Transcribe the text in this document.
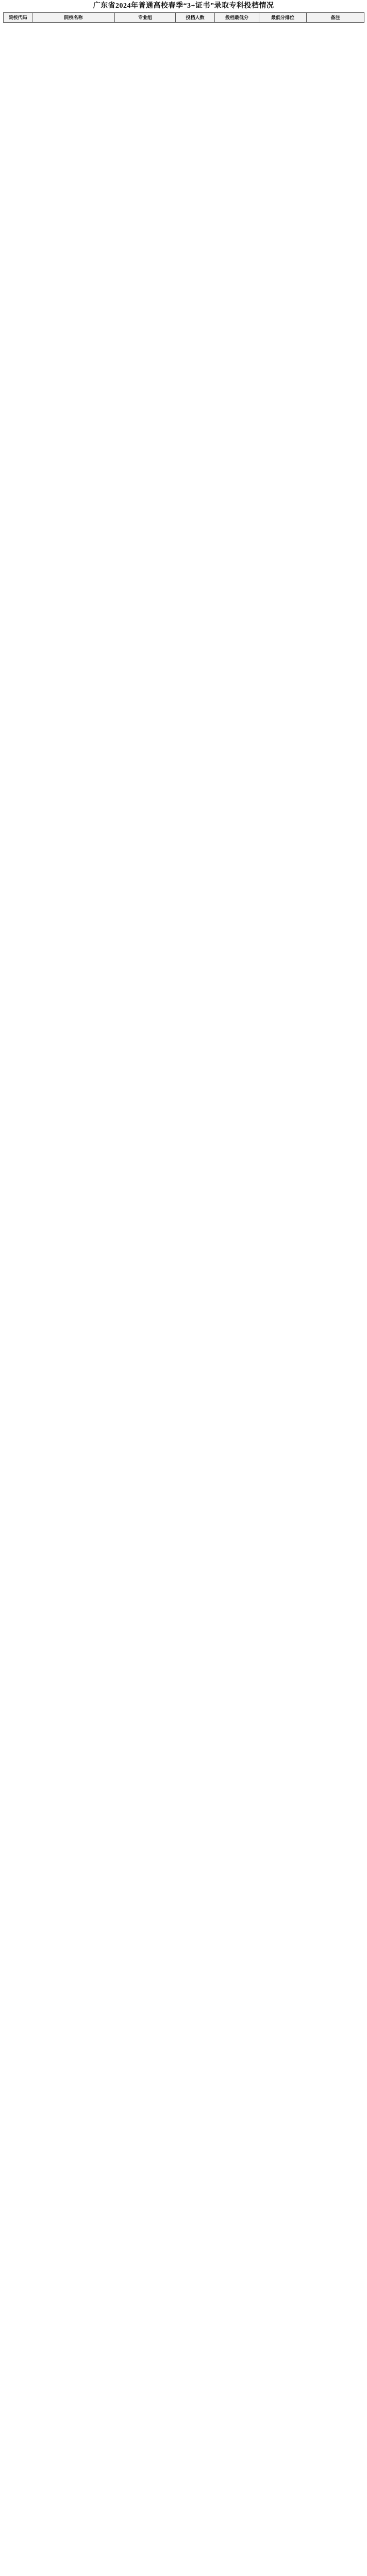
广东省2024年普通高校春季“3+证书”录取专科投档情况
院校代码	院校名称	专业组	投档人数	投档最低分	最低分排位	备注
